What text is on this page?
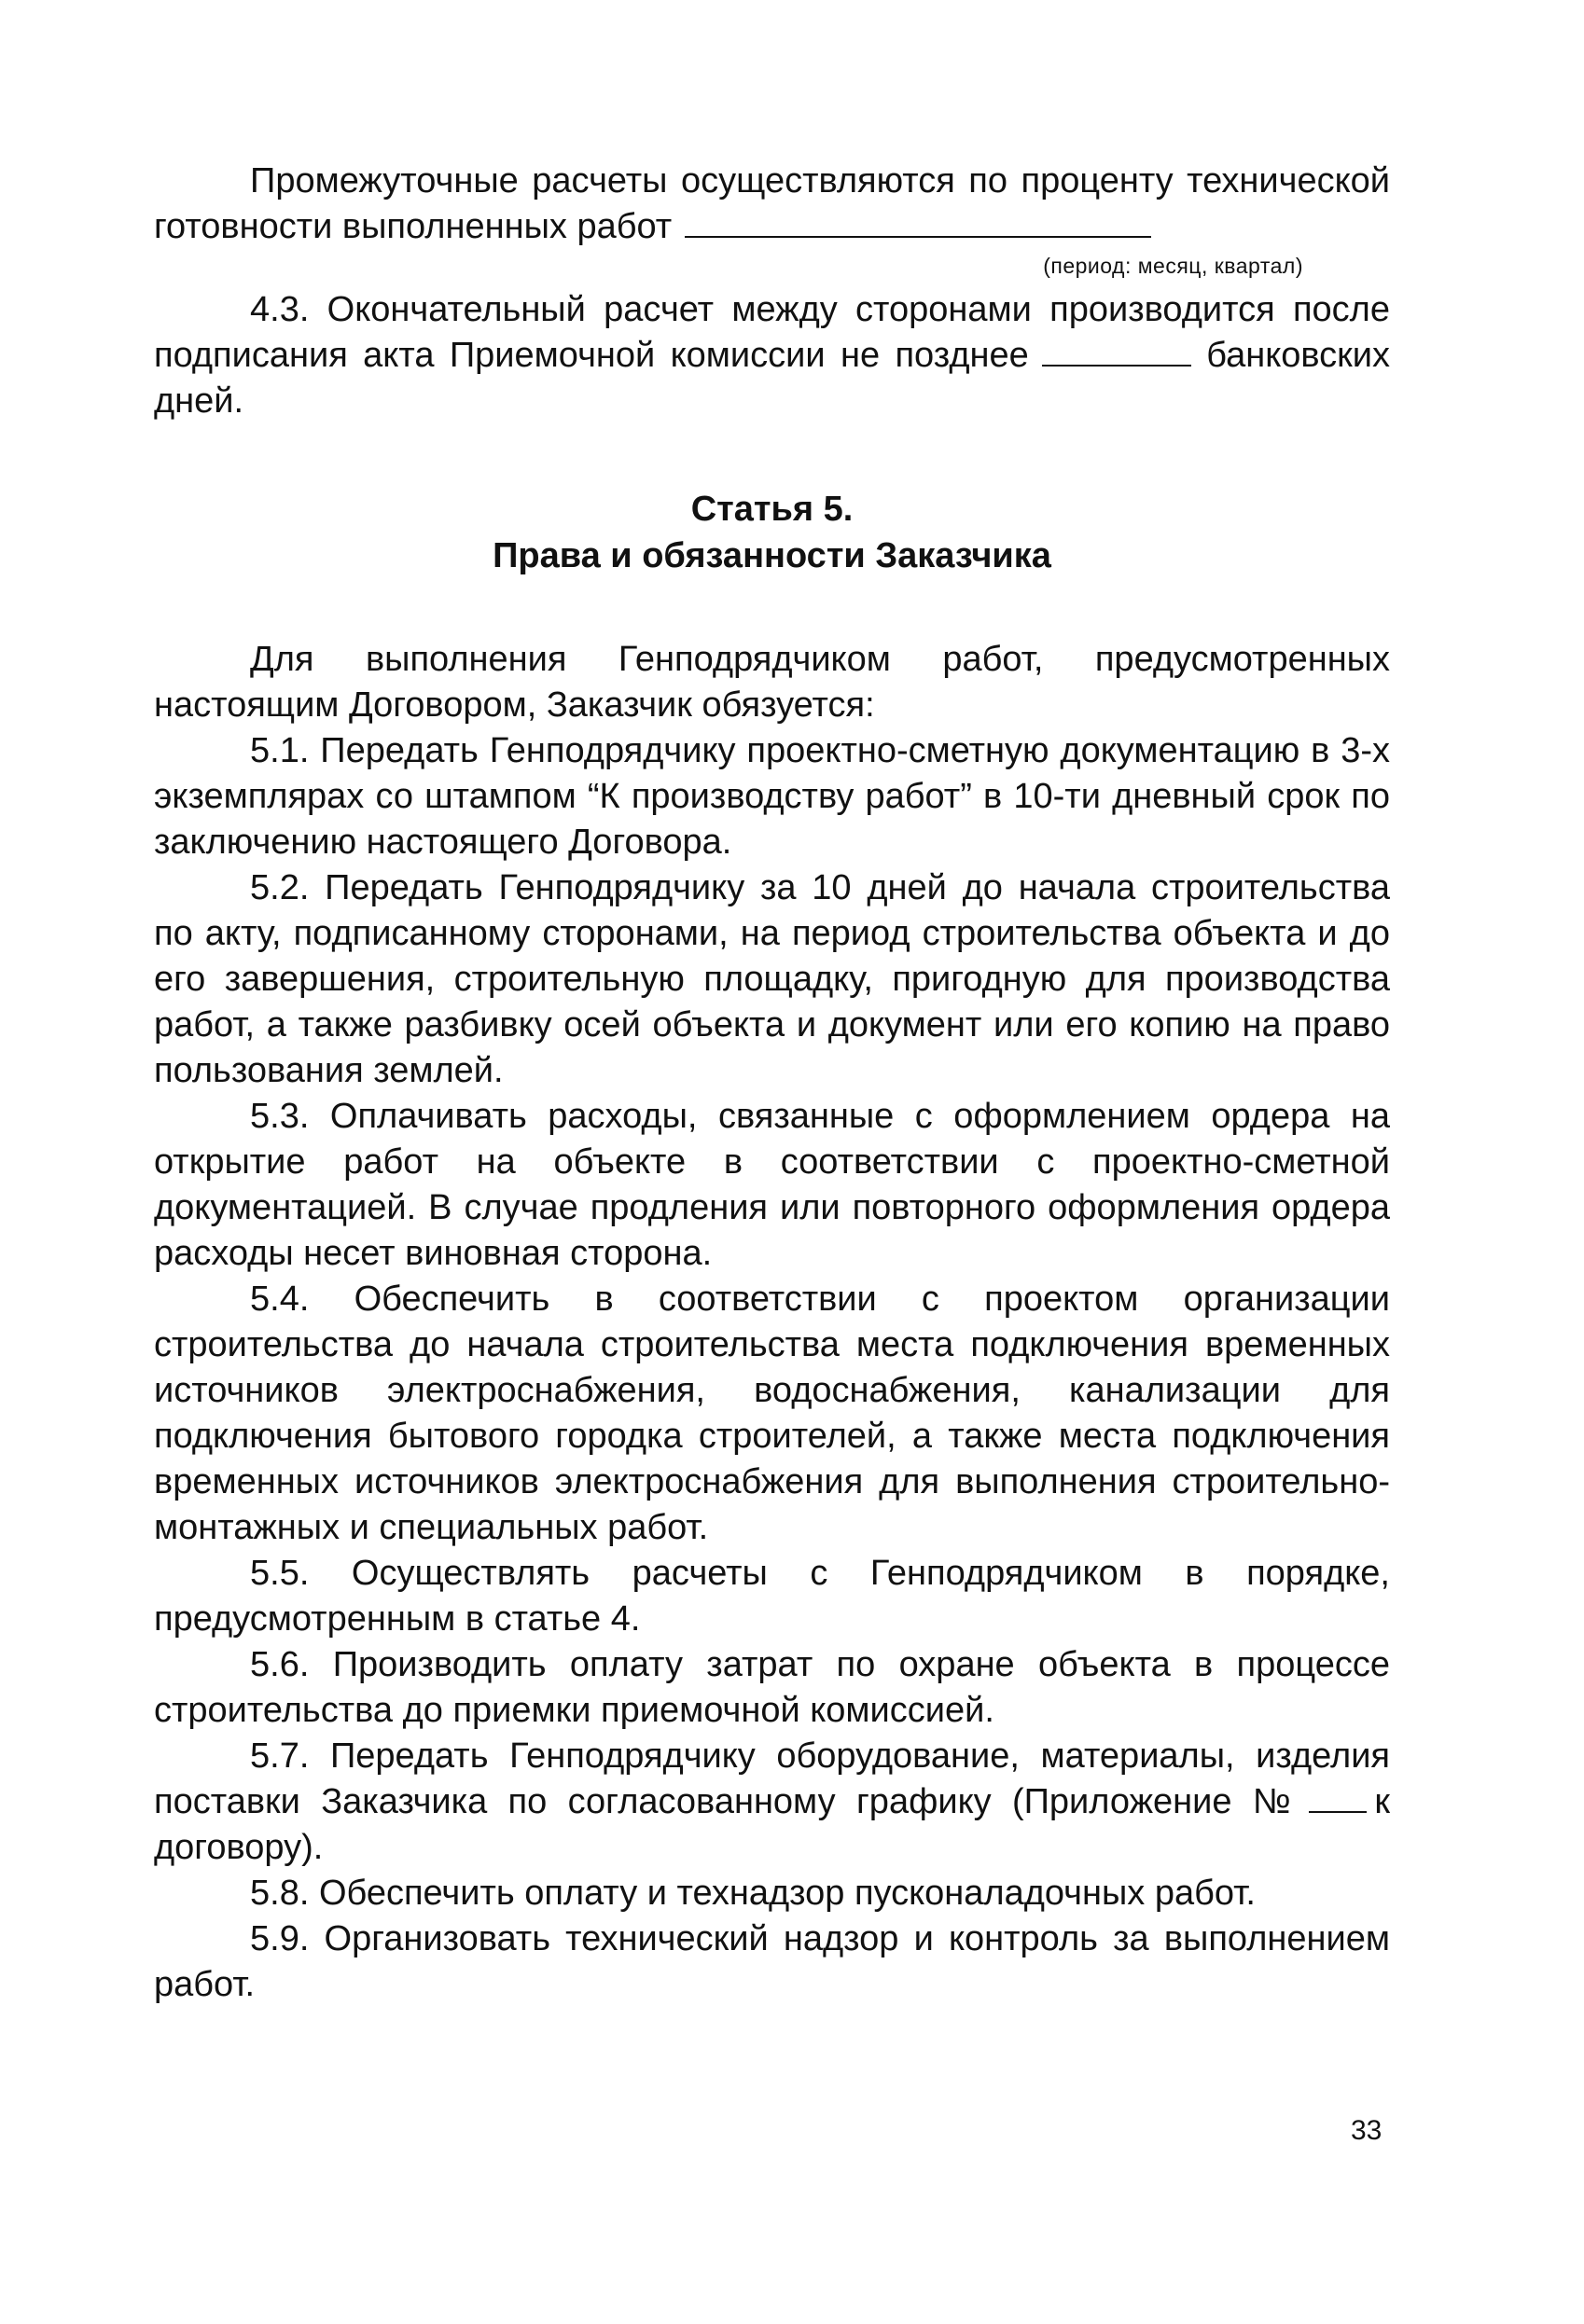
Промежуточные расчеты осуществляются по проценту технической готовности выполненных работ

(период: месяц, квартал)

4.3. Окончательный расчет между сторонами производится после подписания акта Приемочной комиссии не позднее	банковских дней.

Статья 5.

Права и обязанности Заказчика

Для выполнения Генподрядчиком работ, предусмотренных настоящим Договором, Заказчик обязуется:

5.1. Передать Генподрядчику проектно-сметную документацию в 3-х экземплярах со штампом “К производству работ” в 10-ти дневный срок по заключению настоящего Договора.

5.2. Передать Генподрядчику за 10 дней до начала строительства по акту, подписанному сторонами, на период строительства объекта и до его завершения, строительную площадку, пригодную для производства работ, а также разбивку осей объекта и документ или его копию на право пользования землей.

5.3. Оплачивать расходы, связанные с оформлением ордера на открытие работ на объекте в соответствии с проектно-сметной документацией. В случае продления или повторного оформления ордера расходы несет виновная сторона.

5.4. Обеспечить в соответствии с проектом организации строительства до начала строительства места подключения временных источников электроснабжения, водоснабжения, канализации для подключения бытового городка строителей, а также места подключения временных источников электроснабжения для выполнения строительно-монтажных и специальных работ.

5.5. Осуществлять расчеты с Генподрядчиком в порядке, предусмотренным в статье 4.

5.6. Производить оплату затрат по охране объекта в процессе строительства до приемки приемочной комиссией.

5.7. Передать Генподрядчику оборудование, материалы, изделия поставки Заказчика по согласованному графику (Приложение № к договору).

5.8. Обеспечить оплату и технадзор пусконаладочных работ.

5.9. Организовать технический надзор и контроль за выполнением работ.

33
